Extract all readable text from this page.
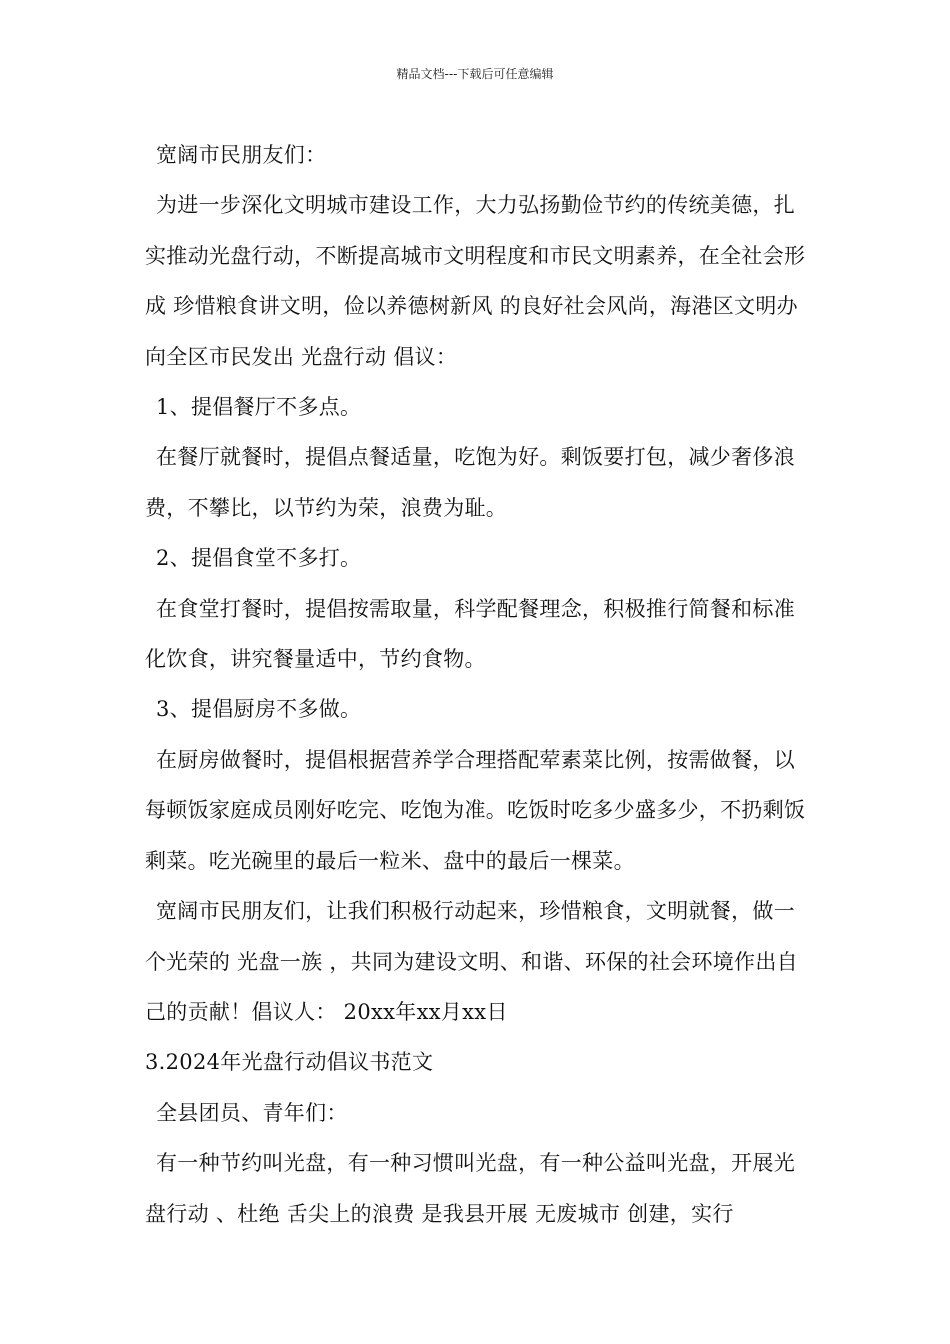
精品文档---下载后可任意编辑

宽阔市民朋友们：

为进一步深化文明城市建设工作，大力弘扬勤俭节约的传统美德，扎实推动光盘行动，不断提高城市文明程度和市民文明素养，在全社会形成 珍惜粮食讲文明，俭以养德树新风 的良好社会风尚，海港区文明办向全区市民发出 光盘行动 倡议：

1、提倡餐厅不多点。

在餐厅就餐时，提倡点餐适量，吃饱为好。剩饭要打包，减少奢侈浪费，不攀比，以节约为荣，浪费为耻。

2、提倡食堂不多打。

在食堂打餐时，提倡按需取量，科学配餐理念，积极推行简餐和标准化饮食，讲究餐量适中，节约食物。

3、提倡厨房不多做。

在厨房做餐时，提倡根据营养学合理搭配荤素菜比例，按需做餐，以每顿饭家庭成员刚好吃完、吃饱为准。吃饭时吃多少盛多少，不扔剩饭剩菜。吃光碗里的最后一粒米、盘中的最后一棵菜。

宽阔市民朋友们，让我们积极行动起来，珍惜粮食，文明就餐，做一个光荣的 光盘一族 ，共同为建设文明、和谐、环保的社会环境作出自己的贡献！倡议人： 20xx年xx月xx日

3.2024年光盘行动倡议书范文

全县团员、青年们：

有一种节约叫光盘，有一种习惯叫光盘，有一种公益叫光盘，开展光盘行动 、杜绝 舌尖上的浪费 是我县开展 无废城市 创建，实行
